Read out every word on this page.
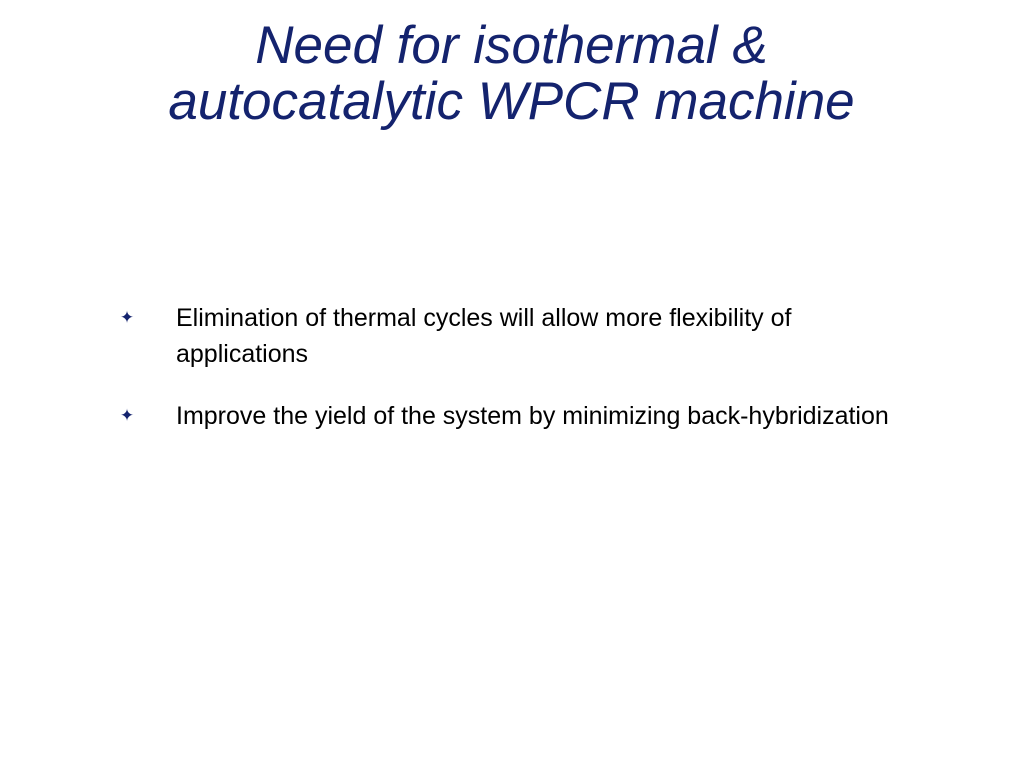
Need for isothermal &
autocatalytic WPCR machine
✦ Elimination of thermal cycles will allow more flexibility of applications
✦ Improve the yield of the system by minimizing back-hybridization
